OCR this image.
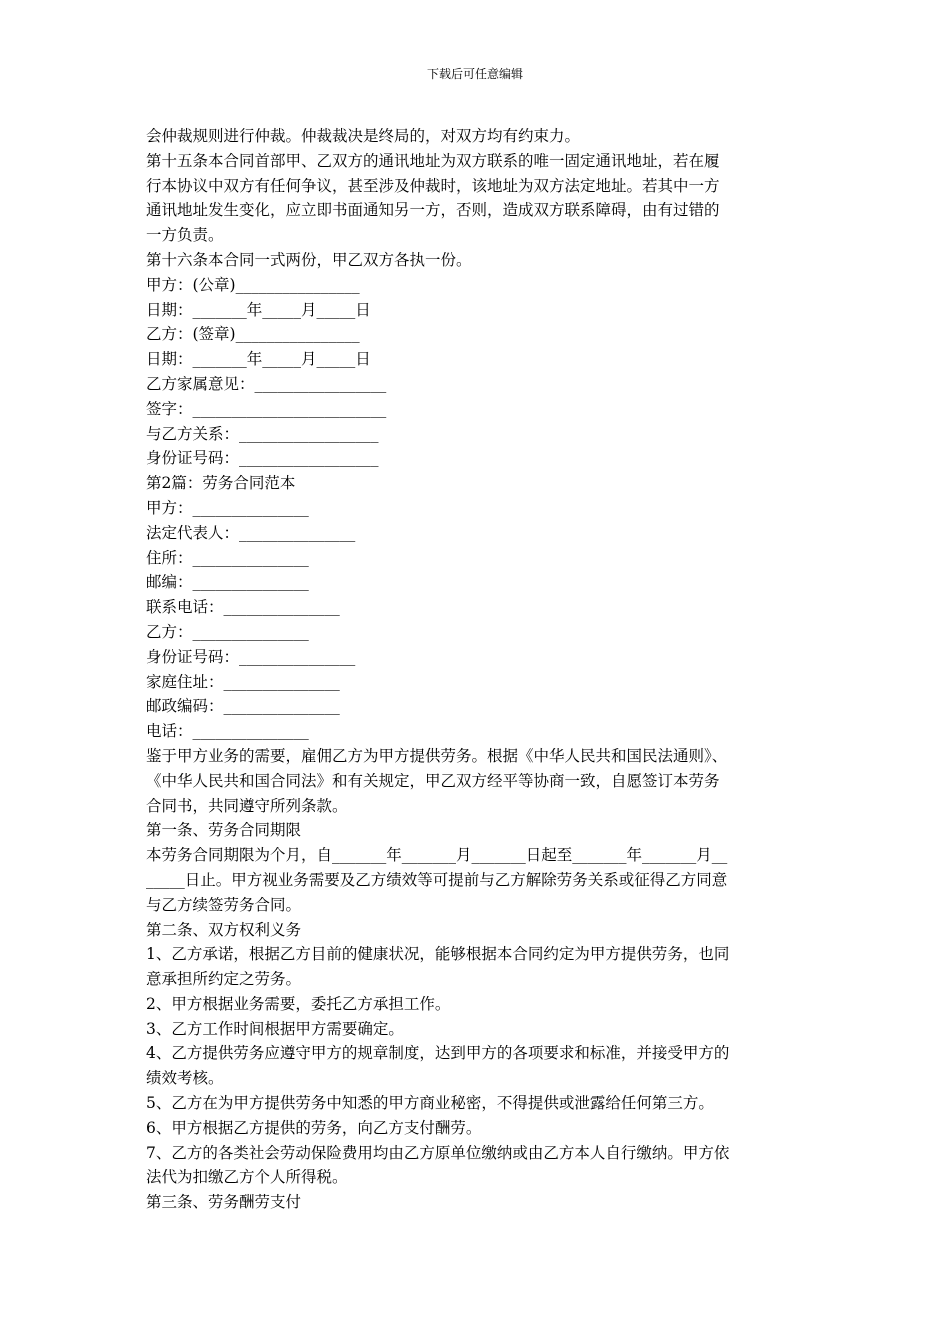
下载后可任意编辑
会仲裁规则进行仲裁。仲裁裁决是终局的，对双方均有约束力。
第十五条本合同首部甲、乙双方的通讯地址为双方联系的唯一固定通讯地址，若在履
行本协议中双方有任何争议，甚至涉及仲裁时，该地址为双方法定地址。若其中一方
通讯地址发生变化，应立即书面通知另一方，否则，造成双方联系障碍，由有过错的
一方负责。
第十六条本合同一式两份，甲乙双方各执一份。
甲方：(公章)________________
日期：_______年_____月_____日
乙方：(签章)________________
日期：_______年_____月_____日
乙方家属意见：_________________
签字：_________________________
与乙方关系：__________________
身份证号码：__________________
第2篇：劳务合同范本
甲方：_______________
法定代表人：_______________
住所：_______________
邮编：_______________
联系电话：_______________
乙方：_______________
身份证号码：_______________
家庭住址：_______________
邮政编码：_______________
电话：_______________
鉴于甲方业务的需要，雇佣乙方为甲方提供劳务。根据《中华人民共和国民法通则》、
《中华人民共和国合同法》和有关规定，甲乙双方经平等协商一致，自愿签订本劳务
合同书，共同遵守所列条款。
第一条、劳务合同期限
本劳务合同期限为个月，自_______年_______月_______日起至_______年_______月__
_____日止。甲方视业务需要及乙方绩效等可提前与乙方解除劳务关系或征得乙方同意
与乙方续签劳务合同。
第二条、双方权利义务
1、乙方承诺，根据乙方目前的健康状况，能够根据本合同约定为甲方提供劳务，也同
意承担所约定之劳务。
2、甲方根据业务需要，委托乙方承担工作。
3、乙方工作时间根据甲方需要确定。
4、乙方提供劳务应遵守甲方的规章制度，达到甲方的各项要求和标准，并接受甲方的
绩效考核。
5、乙方在为甲方提供劳务中知悉的甲方商业秘密，不得提供或泄露给任何第三方。
6、甲方根据乙方提供的劳务，向乙方支付酬劳。
7、乙方的各类社会劳动保险费用均由乙方原单位缴纳或由乙方本人自行缴纳。甲方依
法代为扣缴乙方个人所得税。
第三条、劳务酬劳支付
